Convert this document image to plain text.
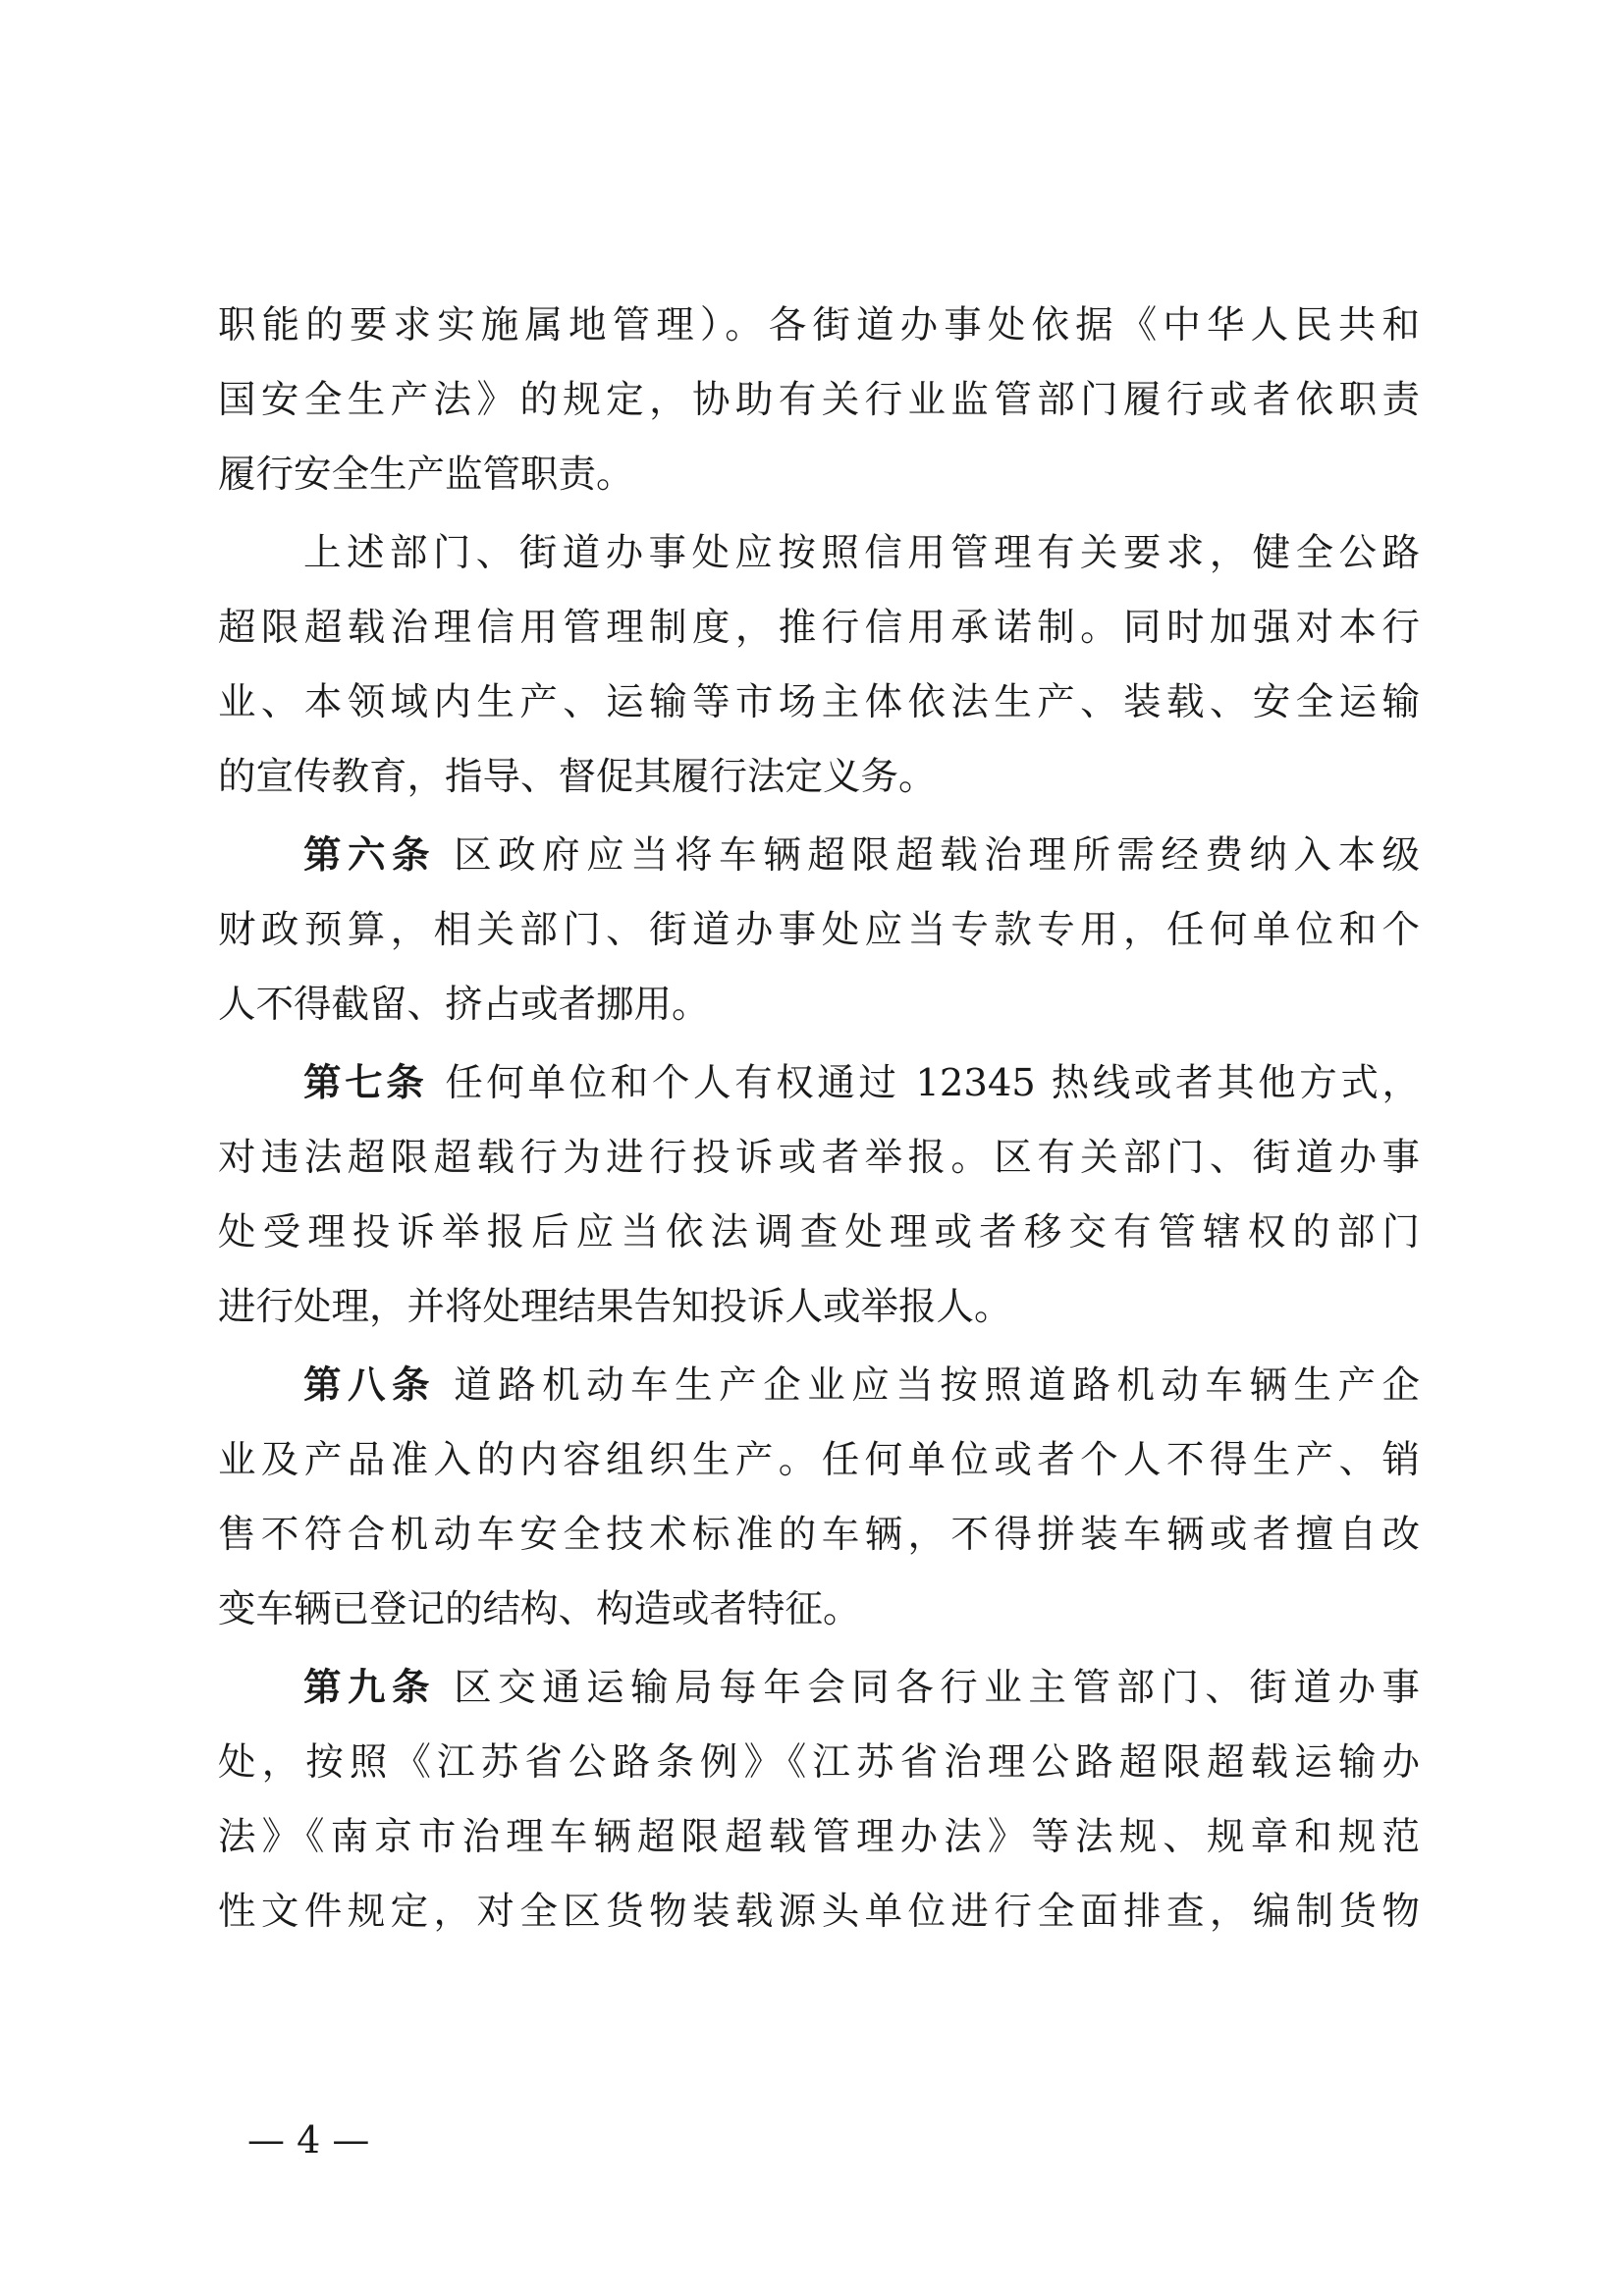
职能的要求实施属地管理）。各街道办事处依据《中华人民共和
国安全生产法》的规定，协助有关行业监管部门履行或者依职责
履行安全生产监管职责。
上述部门、街道办事处应按照信用管理有关要求，健全公路
超限超载治理信用管理制度，推行信用承诺制。同时加强对本行
业、本领域内生产、运输等市场主体依法生产、装载、安全运输
的宣传教育，指导、督促其履行法定义务。
第六条 区政府应当将车辆超限超载治理所需经费纳入本级
财政预算，相关部门、街道办事处应当专款专用，任何单位和个
人不得截留、挤占或者挪用。
第七条 任何单位和个人有权通过 12345 热线或者其他方式，
对违法超限超载行为进行投诉或者举报。区有关部门、街道办事
处受理投诉举报后应当依法调查处理或者移交有管辖权的部门
进行处理，并将处理结果告知投诉人或举报人。
第八条 道路机动车生产企业应当按照道路机动车辆生产企
业及产品准入的内容组织生产。任何单位或者个人不得生产、销
售不符合机动车安全技术标准的车辆，不得拼装车辆或者擅自改
变车辆已登记的结构、构造或者特征。
第九条 区交通运输局每年会同各行业主管部门、街道办事
处，按照《江苏省公路条例》《江苏省治理公路超限超载运输办
法》《南京市治理车辆超限超载管理办法》等法规、规章和规范
性文件规定，对全区货物装载源头单位进行全面排查，编制货物
— 4 —
